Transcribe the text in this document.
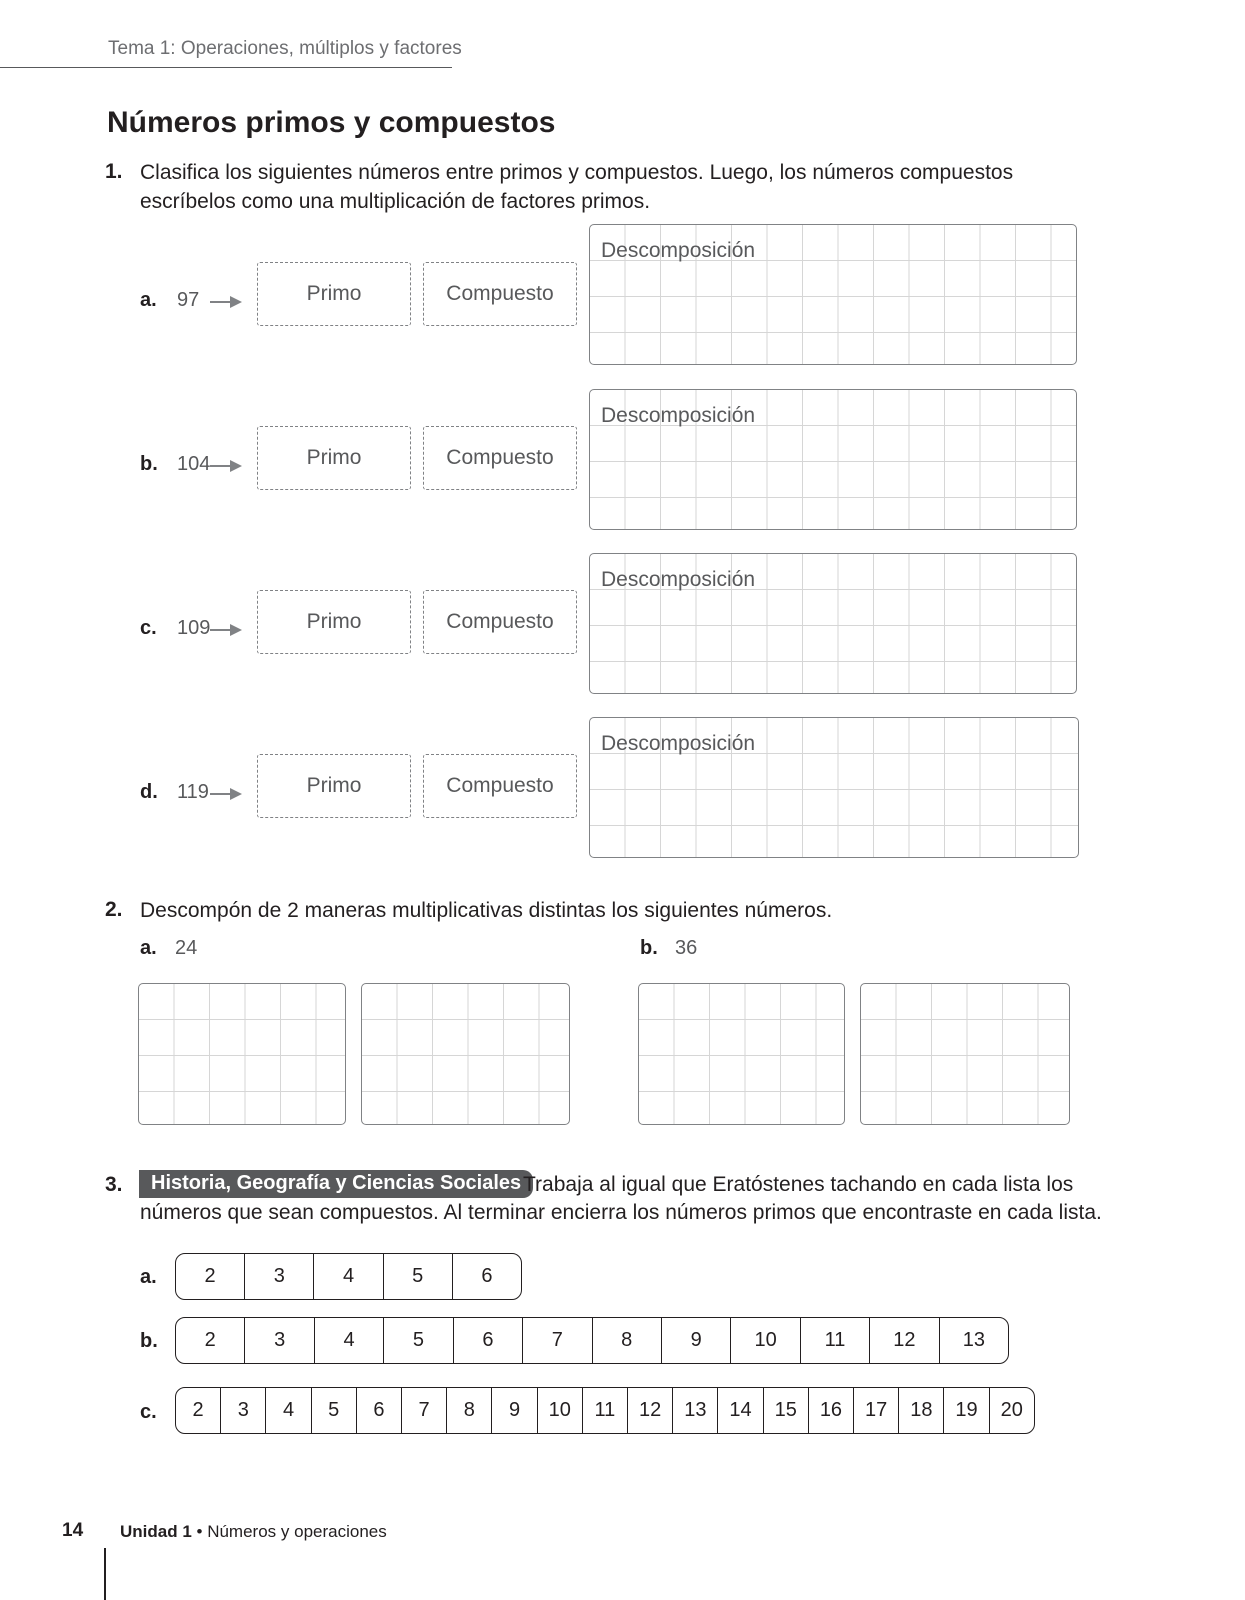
Tema 1: Operaciones, múltiplos y factores
Números primos y compuestos
1. Clasifica los siguientes números entre primos y compuestos. Luego, los números compuestos escríbelos como una multiplicación de factores primos.
a. 97	Primo	Compuesto
Descomposición
b. 104	Primo	Compuesto
Descomposición
c. 109	Primo	Compuesto
Descomposición
d. 119	Primo	Compuesto
Descomposición
2. Descompón de 2 maneras multiplicativas distintas los siguientes números.
a. 24	b. 36
3.	Historia, Geografía y Ciencias Sociales Trabaja al igual que Eratóstenes tachando en cada lista los
números que sean compuestos. Al terminar encierra los números primos que encontraste en cada lista.
a.	2	3	4	5	6
b.	2	3	4	5	6	7	8	9	10	11	12	13
c.	2	3	4	5	6	7	8	9	10	11	12	13	14	15	16	17	18	19	20
14 Unidad 1 • Números y operaciones
